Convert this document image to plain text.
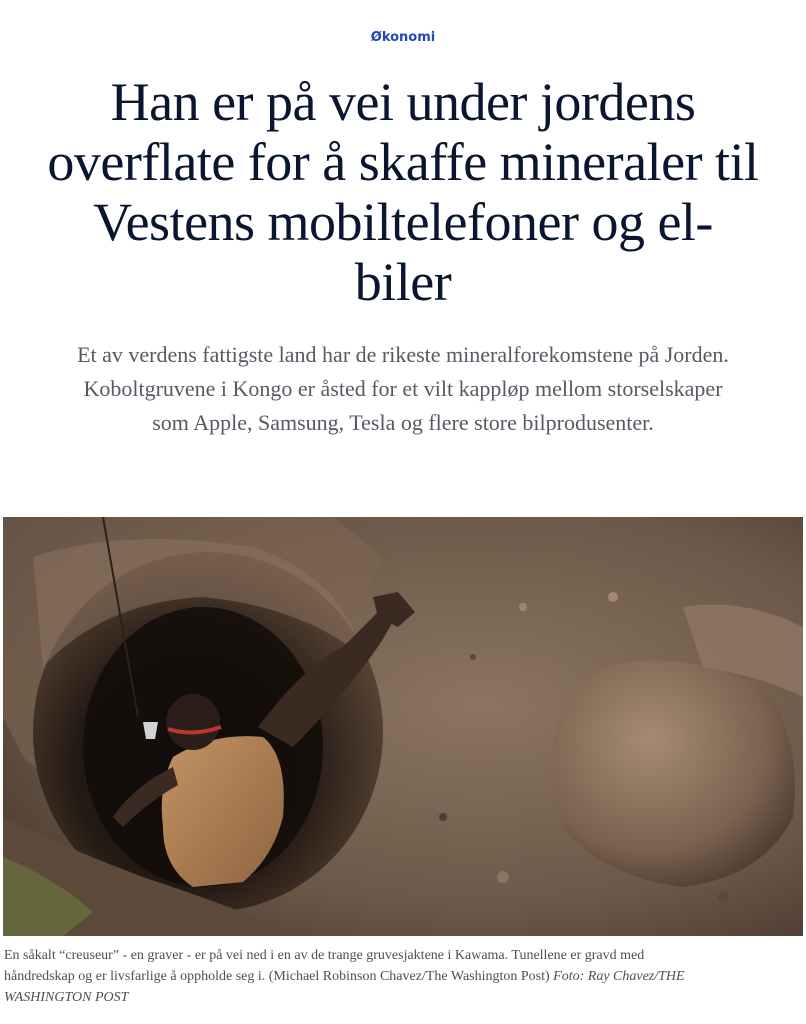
Økonomi
Han er på vei under jordens
overflate for å skaffe mineraler til
Vestens mobiltelefoner og el-
biler

Et av verdens fattigste land har de rikeste mineralforekomstene på Jorden.
Koboltgruvene i Kongo er åsted for et vilt kappløp mellom storselskaper
som Apple, Samsung, Tesla og flere store bilprodusenter.

En såkalt “creuseur” - en graver - er på vei ned i en av de trange gruvesjaktene i Kawama. Tunellene er gravd med
håndredskap og er livsfarlige å oppholde seg i. (Michael Robinson Chavez/The Washington Post) Foto: Ray Chavez/THE
WASHINGTON POST
